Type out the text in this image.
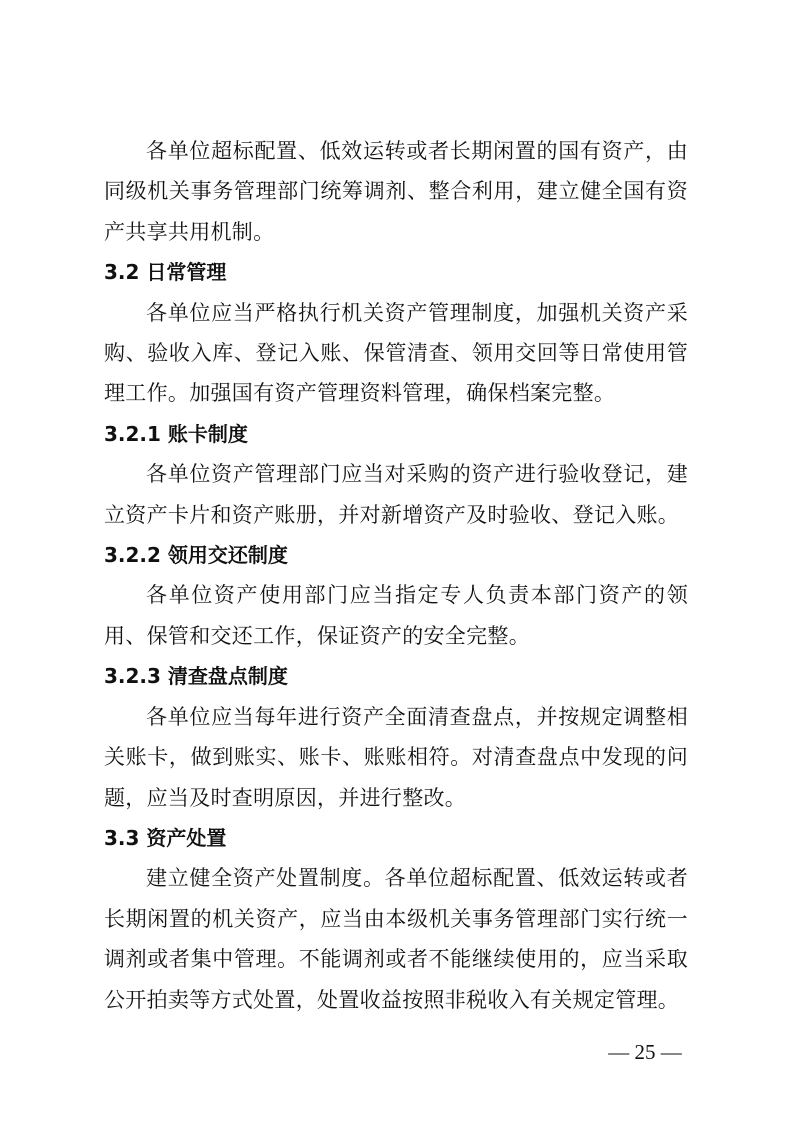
各单位超标配置、低效运转或者长期闲置的国有资产，由同级机关事务管理部门统筹调剂、整合利用，建立健全国有资产共享共用机制。

3.2 日常管理

各单位应当严格执行机关资产管理制度，加强机关资产采购、验收入库、登记入账、保管清查、领用交回等日常使用管理工作。加强国有资产管理资料管理，确保档案完整。

3.2.1 账卡制度

各单位资产管理部门应当对采购的资产进行验收登记，建立资产卡片和资产账册，并对新增资产及时验收、登记入账。

3.2.2 领用交还制度

各单位资产使用部门应当指定专人负责本部门资产的领用、保管和交还工作，保证资产的安全完整。

3.2.3 清查盘点制度

各单位应当每年进行资产全面清查盘点，并按规定调整相关账卡，做到账实、账卡、账账相符。对清查盘点中发现的问题，应当及时查明原因，并进行整改。

3.3 资产处置

建立健全资产处置制度。各单位超标配置、低效运转或者长期闲置的机关资产，应当由本级机关事务管理部门实行统一调剂或者集中管理。不能调剂或者不能继续使用的，应当采取公开拍卖等方式处置，处置收益按照非税收入有关规定管理。

— 25 —
